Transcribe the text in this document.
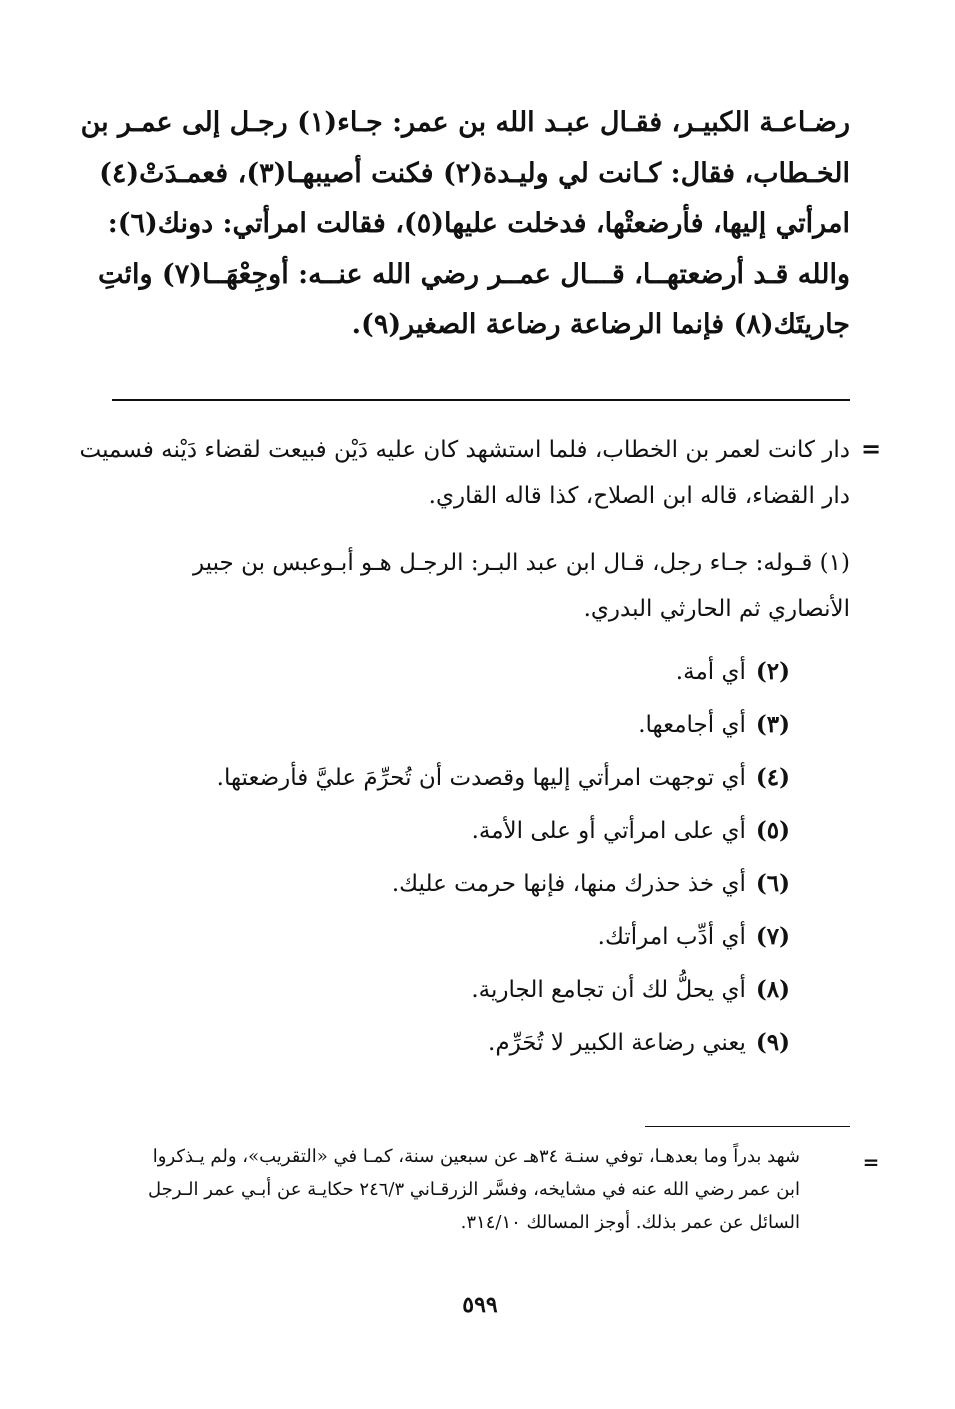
رضـاعـة الكبيـر، فقـال عبـد الله بن عمر: جـاء(١) رجـل إلى عمـر بن
الخـطاب، فقال: كـانت لي وليـدة(٢) فكنت أصيبهـا(٣)، فعمـدَتْ(٤)
امرأتي إليها، فأرضعتْها، فدخلت عليها(٥)، فقالت امرأتي: دونك(٦):
والله قـد أرضعتهــا، قـــال عمــر رضي الله عنــه: أوجِعْهَــا(٧) وائتِ
جاريتَك(٨) فإنما الرضاعة رضاعة الصغير(٩).
=
دار كانت لعمر بن الخطاب، فلما استشهد كان عليه دَيْن فبيعت لقضاء دَيْنه فسميت
دار القضاء، قاله ابن الصلاح، كذا قاله القاري.
(١) قـوله: جـاء رجل، قـال ابن عبد البـر: الرجـل هـو أبـوعبس بن جبير
الأنصاري ثم الحارثي البدري.
(٢)أي أمة.
(٣)أي أجامعها.
(٤)أي توجهت امرأتي إليها وقصدت أن تُحرِّمَ عليَّ فأرضعتها.
(٥)أي على امرأتي أو على الأمة.
(٦)أي خذ حذرك منها، فإنها حرمت عليك.
(٧)أي أدِّب امرأتك.
(٨)أي يحلُّ لك أن تجامع الجارية.
(٩)يعني رضاعة الكبير لا تُحَرِّم.
=
شهد بدراً وما بعدهـا، توفي سنـة ٣٤هـ عن سبعين سنة، كمـا في «التقريب»، ولم يـذكروا
ابن عمر رضي الله عنه في مشايخه، وفسَّر الزرقـاني ٢٤٦/٣ حكايـة عن أبـي عمر الـرجل
السائل عن عمر بذلك. أوجز المسالك ٣١٤/١٠.
٥٩٩
